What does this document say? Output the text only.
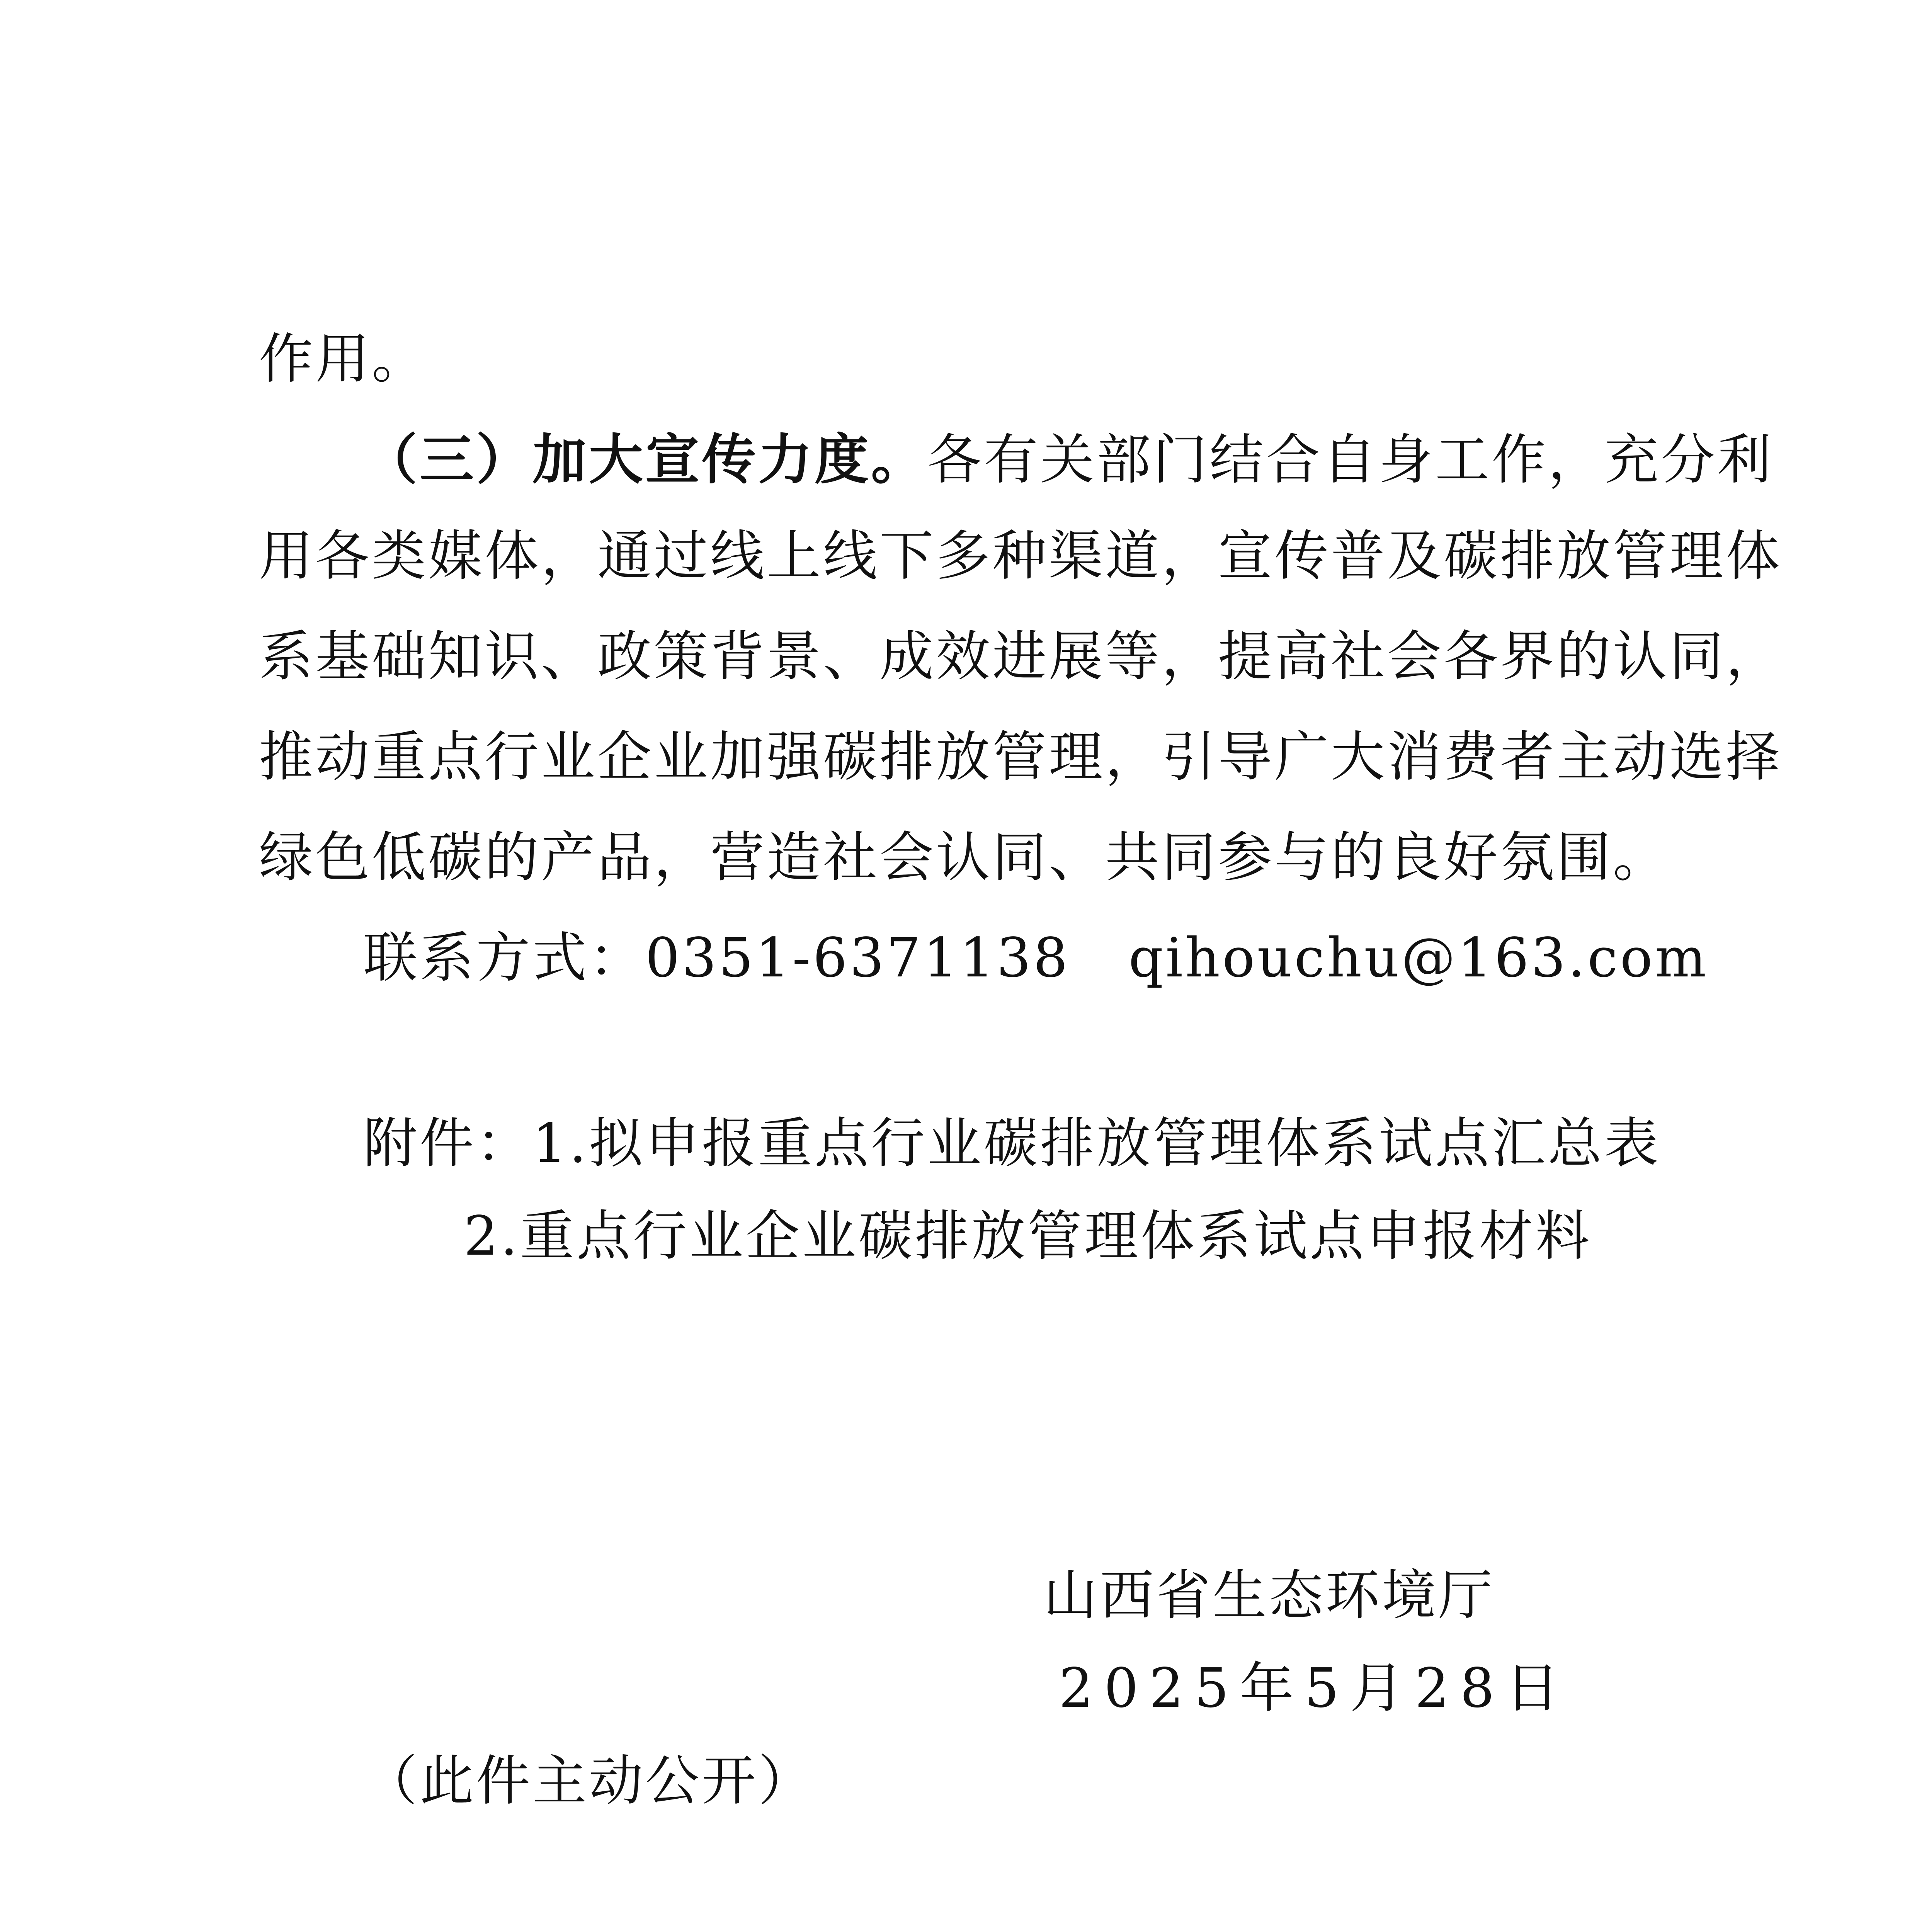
作用。
（三）加大宣传力度。各有关部门结合自身工作，充分利
用各类媒体，通过线上线下多种渠道，宣传普及碳排放管理体
系基础知识、政策背景、成效进展等，提高社会各界的认同，
推动重点行业企业加强碳排放管理，引导广大消费者主动选择
绿色低碳的产品，营造社会认同、共同参与的良好氛围。
联系方式：0351-6371138   qihouchu@163.com
附件：1.拟申报重点行业碳排放管理体系试点汇总表
2.重点行业企业碳排放管理体系试点申报材料
山西省生态环境厅
2025年5月28日
（此件主动公开）
